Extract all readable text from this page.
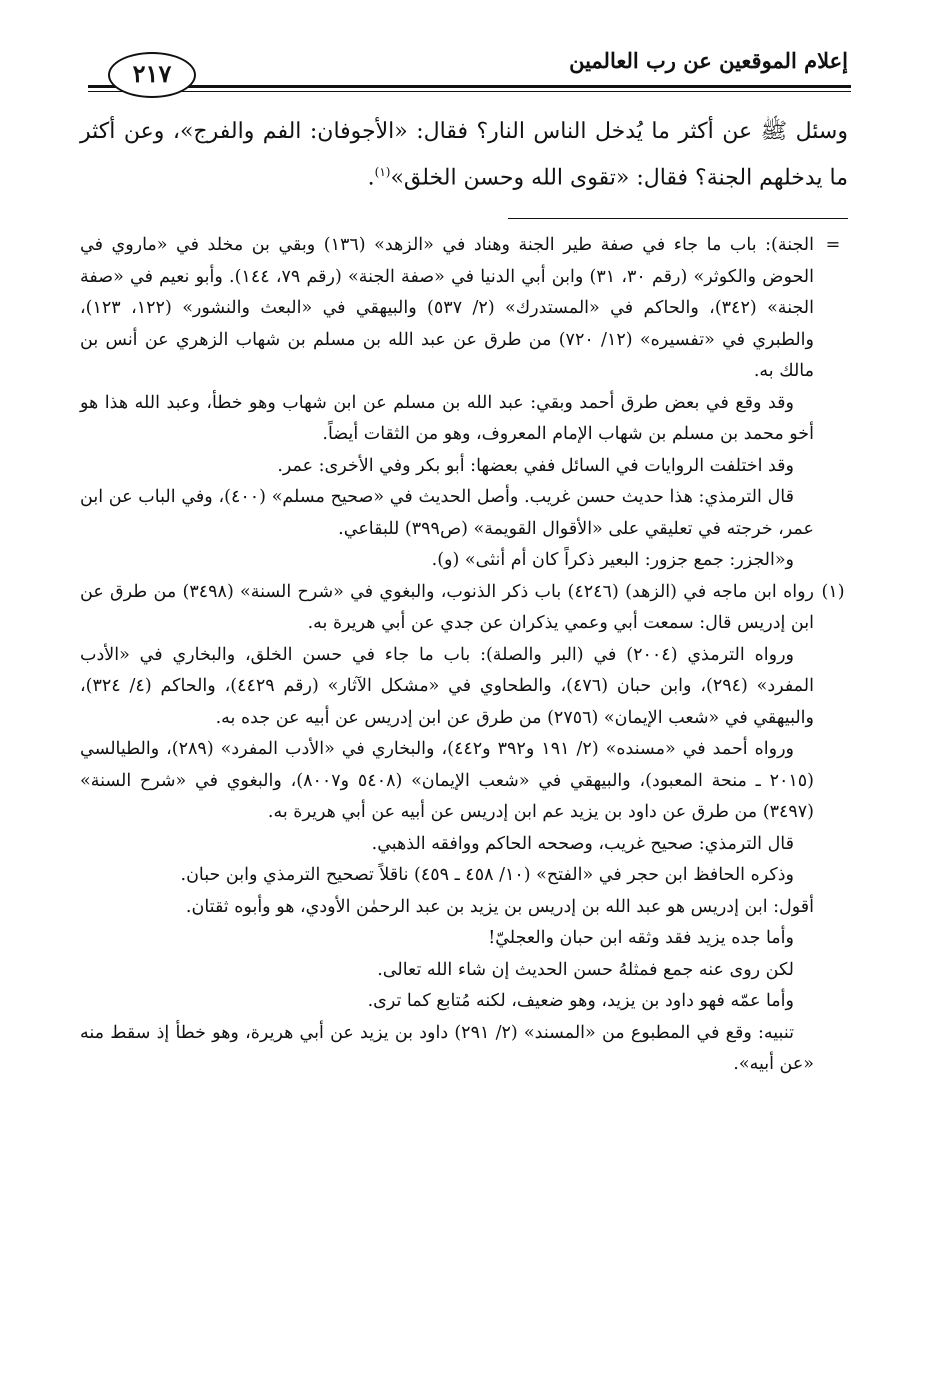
إعلام الموقعين عن رب العالمين
٢١٧
وسئل ﷺ عن أكثر ما يُدخل الناس النار؟ فقال: «الأجوفان: الفم والفرج»، وعن أكثر ما يدخلهم الجنة؟ فقال: «تقوى الله وحسن الخلق»$^{(١)}$.
=

الجنة): باب ما جاء في صفة طير الجنة وهناد في «الزهد» (١٣٦) وبقي بن مخلد في «ماروي في الحوض والكوثر» (رقم ٣٠، ٣١) وابن أبي الدنيا في «صفة الجنة» (رقم ٧٩، ١٤٤). وأبو نعيم في «صفة الجنة» (٣٤٢)، والحاكم في «المستدرك» (٢/ ٥٣٧) والبيهقي في «البعث والنشور» (١٢٢، ١٢٣)، والطبري في «تفسيره» (١٢/ ٧٢٠) من طرق عن عبد الله بن مسلم بن شهاب الزهري عن أنس بن مالك به.

وقد وقع في بعض طرق أحمد وبقي: عبد الله بن مسلم عن ابن شهاب وهو خطأ، وعبد الله هذا هو أخو محمد بن مسلم بن شهاب الإمام المعروف، وهو من الثقات أيضاً.

وقد اختلفت الروايات في السائل ففي بعضها: أبو بكر وفي الأخرى: عمر.

قال الترمذي: هذا حديث حسن غريب. وأصل الحديث في «صحيح مسلم» (٤٠٠)، وفي الباب عن ابن عمر، خرجته في تعليقي على «الأقوال القويمة» (ص٣٩٩) للبقاعي.

و«الجزر: جمع جزور: البعير ذكراً كان أم أنثى» (و).

(١)

رواه ابن ماجه في (الزهد) (٤٢٤٦) باب ذكر الذنوب، والبغوي في «شرح السنة» (٣٤٩٨) من طرق عن ابن إدريس قال: سمعت أبي وعمي يذكران عن جدي عن أبي هريرة به.

ورواه الترمذي (٢٠٠٤) في (البر والصلة): باب ما جاء في حسن الخلق، والبخاري في «الأدب المفرد» (٢٩٤)، وابن حبان (٤٧٦)، والطحاوي في «مشكل الآثار» (رقم ٤٤٢٩)، والحاكم (٤/ ٣٢٤)، والبيهقي في «شعب الإيمان» (٢٧٥٦) من طرق عن ابن إدريس عن أبيه عن جده به.

ورواه أحمد في «مسنده» (٢/ ١٩١ و٣٩٢ و٤٤٢)، والبخاري في «الأدب المفرد» (٢٨٩)، والطيالسي (٢٠١٥ ـ منحة المعبود)، والبيهقي في «شعب الإيمان» (٥٤٠٨ و٨٠٠٧)، والبغوي في «شرح السنة» (٣٤٩٧) من طرق عن داود بن يزيد عم ابن إدريس عن أبيه عن أبي هريرة به.

قال الترمذي: صحيح غريب، وصححه الحاكم ووافقه الذهبي.

وذكره الحافظ ابن حجر في «الفتح» (١٠/ ٤٥٨ ـ ٤٥٩) ناقلاً تصحيح الترمذي وابن حبان.

أقول: ابن إدريس هو عبد الله بن إدريس بن يزيد بن عبد الرحمٰن الأودي، هو وأبوه ثقتان.

وأما جده يزيد فقد وثقه ابن حبان والعجليّ!

لكن روى عنه جمع فمثلهُ حسن الحديث إن شاء الله تعالى.

وأما عمّه فهو داود بن يزيد، وهو ضعيف، لكنه مُتابع كما ترى.

تنبيه: وقع في المطبوع من «المسند» (٢/ ٢٩١) داود بن يزيد عن أبي هريرة، وهو خطأ إذ سقط منه «عن أبيه».
